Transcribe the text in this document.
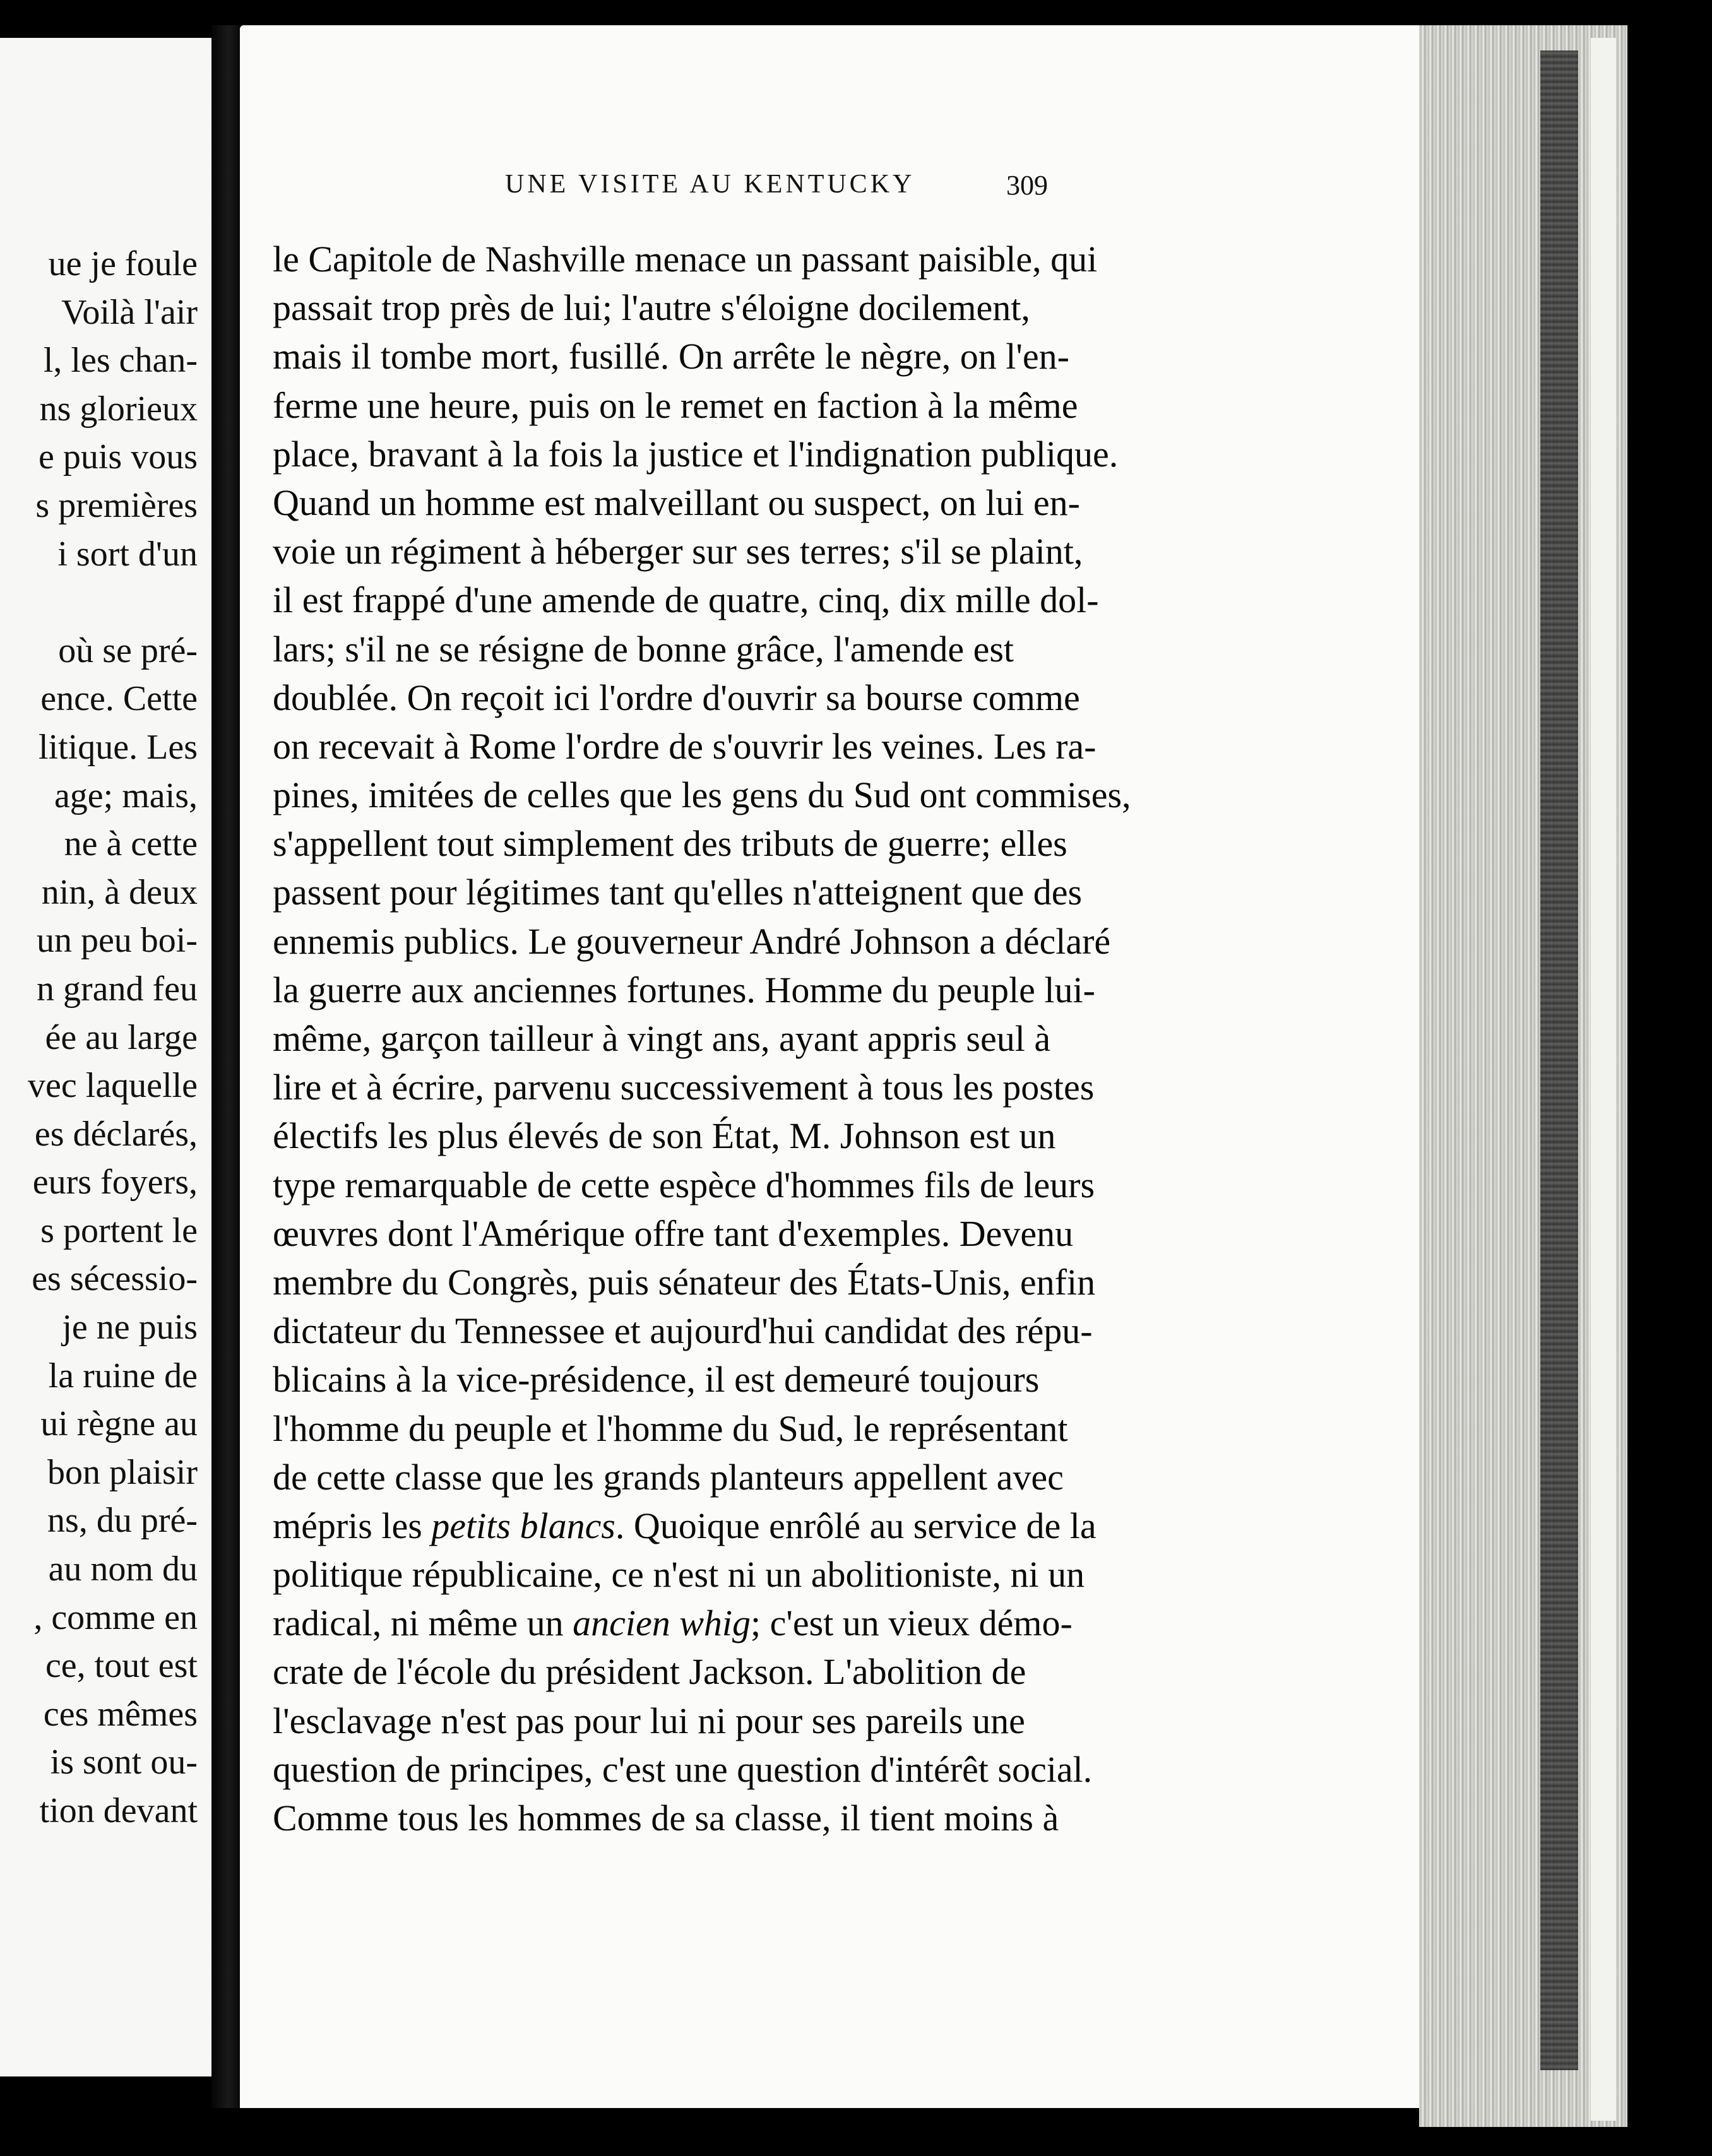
ue je foule
Voilà l'air
l, les chan-
ns glorieux
e puis vous
s premières
i sort d'un
où se pré-
ence. Cette
litique. Les
age; mais,
ne à cette
nin, à deux
un peu boi-
n grand feu
ée au large
vec laquelle
es déclarés,
eurs foyers,
s portent le
es sécessio-
je ne puis
la ruine de
ui règne au
bon plaisir
ns, du pré-
au nom du
, comme en
ce, tout est
ces mêmes
is sont ou-
tion devant
UNE VISITE AU KENTUCKY	309
le Capitole de Nashville menace un passant paisible, qui
passait trop près de lui; l'autre s'éloigne docilement,
mais il tombe mort, fusillé. On arrête le nègre, on l'en-
ferme une heure, puis on le remet en faction à la même
place, bravant à la fois la justice et l'indignation publique.
Quand un homme est malveillant ou suspect, on lui en-
voie un régiment à héberger sur ses terres; s'il se plaint,
il est frappé d'une amende de quatre, cinq, dix mille dol-
lars; s'il ne se résigne de bonne grâce, l'amende est
doublée. On reçoit ici l'ordre d'ouvrir sa bourse comme
on recevait à Rome l'ordre de s'ouvrir les veines. Les ra-
pines, imitées de celles que les gens du Sud ont commises,
s'appellent tout simplement des tributs de guerre; elles
passent pour légitimes tant qu'elles n'atteignent que des
ennemis publics. Le gouverneur André Johnson a déclaré
la guerre aux anciennes fortunes. Homme du peuple lui-
même, garçon tailleur à vingt ans, ayant appris seul à
lire et à écrire, parvenu successivement à tous les postes
électifs les plus élevés de son État, M. Johnson est un
type remarquable de cette espèce d'hommes fils de leurs
œuvres dont l'Amérique offre tant d'exemples. Devenu
membre du Congrès, puis sénateur des États-Unis, enfin
dictateur du Tennessee et aujourd'hui candidat des répu-
blicains à la vice-présidence, il est demeuré toujours
l'homme du peuple et l'homme du Sud, le représentant
de cette classe que les grands planteurs appellent avec
mépris les petits blancs. Quoique enrôlé au service de la
politique républicaine, ce n'est ni un abolitioniste, ni un
radical, ni même un ancien whig; c'est un vieux démo-
crate de l'école du président Jackson. L'abolition de
l'esclavage n'est pas pour lui ni pour ses pareils une
question de principes, c'est une question d'intérêt social.
Comme tous les hommes de sa classe, il tient moins à
